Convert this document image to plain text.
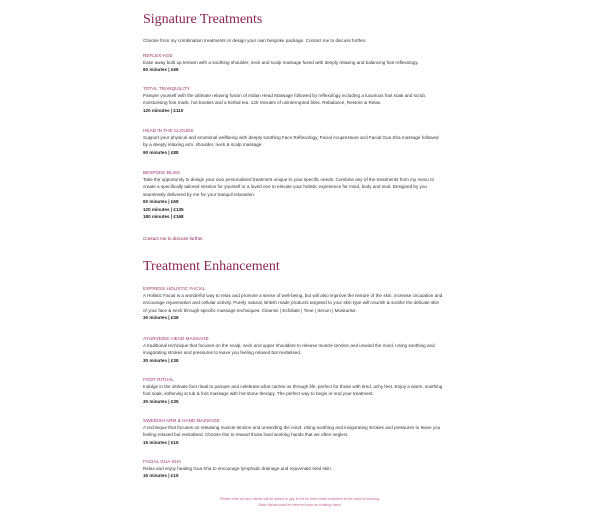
Signature Treatments

Choose from my combination treatments or design your own bespoke package. Contact me to discuss further.

REFLEX-AGE

Ease away built up tension with a soothing shoulder, neck and scalp massage fused with deeply relaxing and balancing foot reflexology.

60 minutes | £68

TOTAL TRANQUILITY

Pamper yourself with the ultimate relaxing fusion of Indian Head Massage followed by reflexology including a luxurious foot soak and scrub, moisturising foot mask, hot booties and a herbal tea. 120 minutes of uninterrupted bliss. Rebalance, Restore & Relax.

120 minutes | £110

HEAD IN THE CLOUDS

Support your physical and emotional wellbeing with deeply soothing Face Reflexology, Facial Acupressure and Facial Gua Sha massage followed by a deeply relaxing arm, shoulder, neck & scalp massage.

90 minutes | £88

BESPOKE BLISS

Take the opportunity to design your own personalised treatment unique to your specific needs. Combine any of the treatments from my menu to create a specifically tailored session for yourself or a loved one to elevate your holistic experience for mind, body and soul. Designed by you seamlessly delivered by me for your tranquil relaxation.

60 minutes | £68

120 minutes | £135

180 minutes | £168

Contact me to discuss further.

Treatment Enhancement

EXPRESS HOLISTIC FACIAL

A Holistic Facial is a wonderful way to relax and promote a sense of well-being, but will also improve the texture of the skin, increase circulation and encourage rejuvenation and cellular activity. Purely natural, British made products targeted to your skin type will nourish & soothe the delicate skin of your face & neck through specific massage techniques. Cleanse | Exfoliate | Tone | Serum | Moisturise.

30 minutes | £38

AYURVEDIC HEAD MASSAGE

A traditional technique that focuses on the scalp, neck and upper shoulders to release muscle tension and unwind the mind. Using soothing and invigorating strokes and pressures to leave you feeling relaxed but revitalised.

30 minutes | £38

FOOT RITUAL

Indulge in the ultimate foot ritual to pamper and celebrate what carries us through life; perfect for those with tired, achy feet. Enjoy a warm, soothing foot soak, softening scrub & foot massage with hot stone therapy. The perfect way to begin or end your treatment.

30 minutes | £35

SWEDISH ARM & HAND MASSAGE

A technique that focuses on releasing muscle tension and unwinding the mind. Using soothing and invigorating strokes and pressures to leave you feeling relaxed but revitalised. Choose this to reward those hard working hands that we often neglect.

15 minutes | £15

FACIAL GUA SHA

Relax and enjoy healing Gua Sha to encourage lymphatic drainage and rejuvenate tired skin.

15 minutes | £15

Please note all new clients will be asked to pay in full for their initial treatment at the point of booking.
Male clients must be referred from an existing client.
